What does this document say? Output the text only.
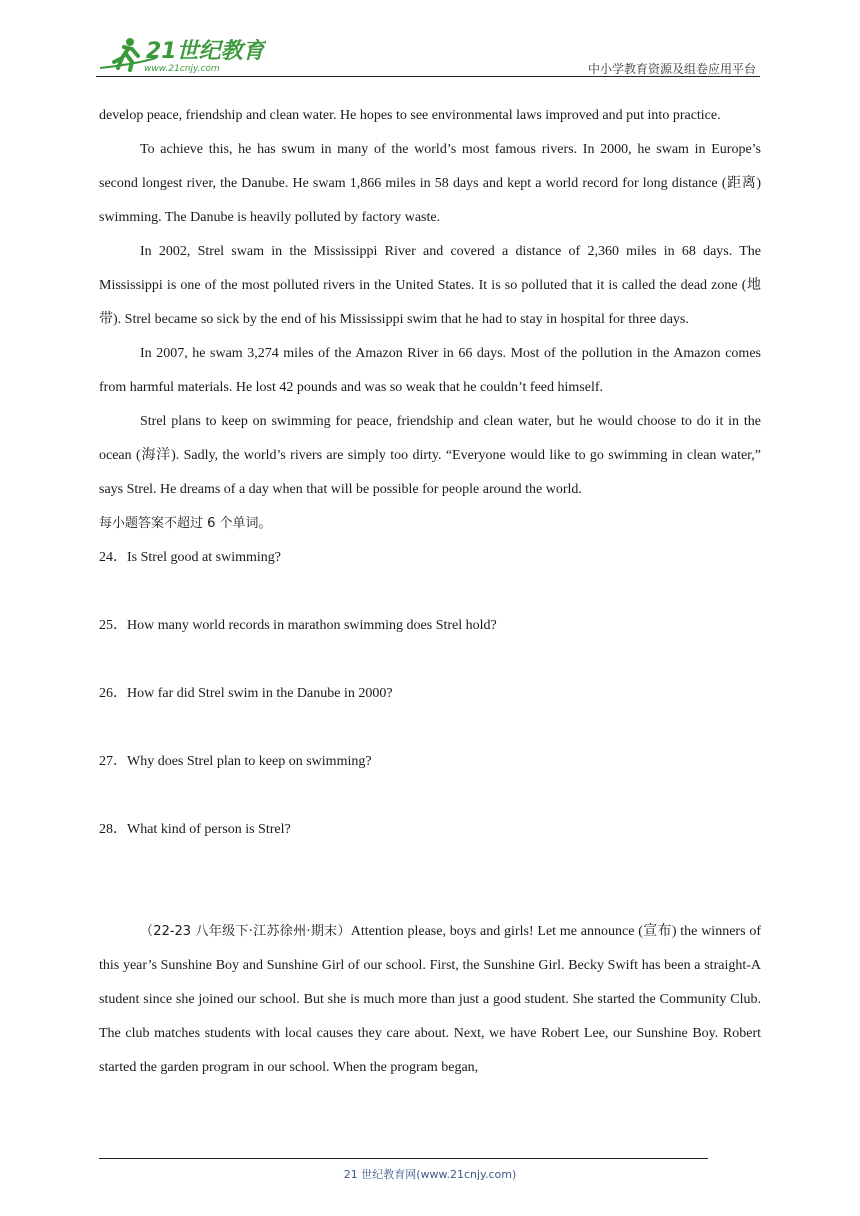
21世纪教育
www.21cnjy.com	中小学教育资源及组卷应用平台

develop peace, friendship and clean water. He hopes to see environmental laws improved and put into practice.

To achieve this, he has swum in many of the world’s most famous rivers. In 2000, he swam in Europe’s second longest river, the Danube. He swam 1,866 miles in 58 days and kept a world record for long distance (距离) swimming. The Danube is heavily polluted by factory waste.

In 2002, Strel swam in the Mississippi River and covered a distance of 2,360 miles in 68 days. The Mississippi is one of the most polluted rivers in the United States. It is so polluted that it is called the dead zone (地带). Strel became so sick by the end of his Mississippi swim that he had to stay in hospital for three days.

In 2007, he swam 3,274 miles of the Amazon River in 66 days. Most of the pollution in the Amazon comes from harmful materials. He lost 42 pounds and was so weak that he couldn’t feed himself.

Strel plans to keep on swimming for peace, friendship and clean water, but he would choose to do it in the ocean (海洋). Sadly, the world’s rivers are simply too dirty. “Everyone would like to go swimming in clean water,” says Strel. He dreams of a day when that will be possible for people around the world.

每小题答案不超过 6 个单词。

24．Is Strel good at swimming?

25．How many world records in marathon swimming does Strel hold?

26．How far did Strel swim in the Danube in 2000?

27．Why does Strel plan to keep on swimming?

28．What kind of person is Strel?

（22-23 八年级下·江苏徐州·期末）Attention please, boys and girls! Let me announce (宣布) the winners of this year’s Sunshine Boy and Sunshine Girl of our school. First, the Sunshine Girl. Becky Swift has been a straight-A student since she joined our school. But she is much more than just a good student. She started the Community Club. The club matches students with local causes they care about. Next, we have Robert Lee, our Sunshine Boy. Robert started the garden program in our school. When the program began,

21 世纪教育网(www.21cnjy.com)
